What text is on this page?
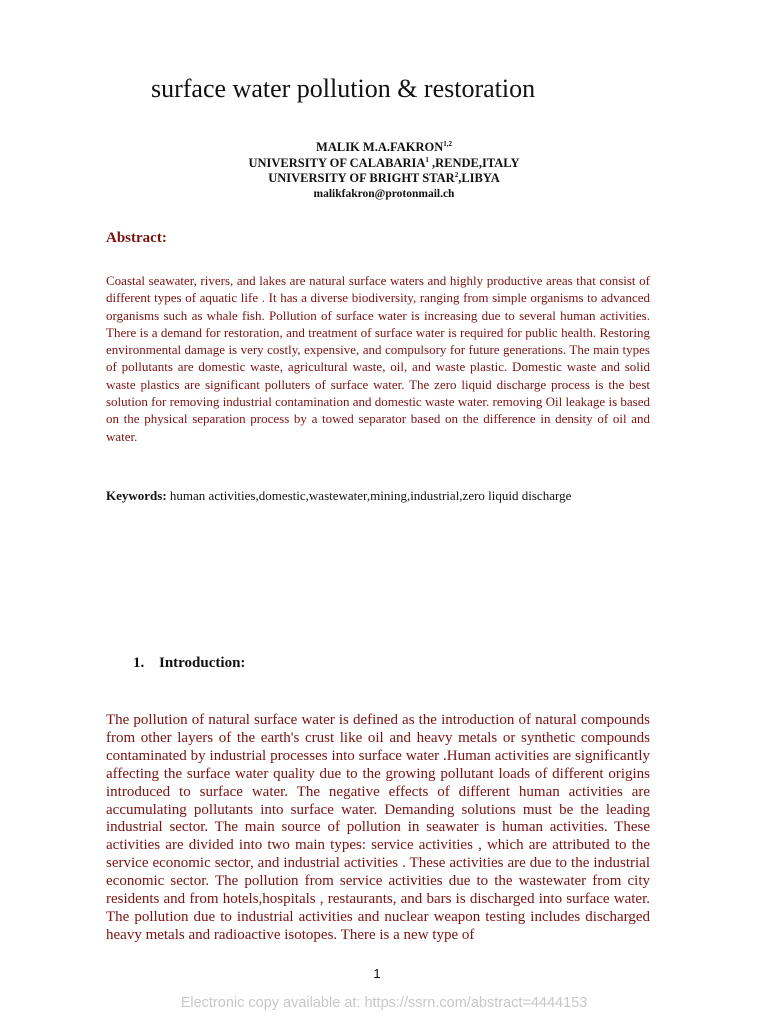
surface water pollution & restoration
MALIK M.A.FAKRON$^{1,2}$
UNIVERSITY OF CALABARIA$^1$ ,RENDE,ITALY
UNIVERSITY OF BRIGHT STAR$^2$,LIBYA
malikfakron@protonmail.ch
Abstract:
Coastal seawater, rivers, and lakes are natural surface waters and highly productive areas that consist of different types of aquatic life . It has a diverse biodiversity, ranging from simple organisms to advanced organisms such as whale fish. Pollution of surface water is increasing due to several human activities. There is a demand for restoration, and treatment of surface water is required for public health. Restoring environmental damage is very costly, expensive, and compulsory for future generations. The main types of pollutants are domestic waste, agricultural waste, oil, and waste plastic. Domestic waste and solid waste plastics are significant polluters of surface water. The zero liquid discharge process is the best solution for removing industrial contamination and domestic waste water. removing Oil leakage is based on the physical separation process by a towed separator based on the difference in density of oil and water.
Keywords: human activities,domestic,wastewater,mining,industrial,zero liquid discharge
1. Introduction:
The pollution of natural surface water is defined as the introduction of natural compounds from other layers of the earth's crust like oil and heavy metals or synthetic compounds contaminated by industrial processes into surface water .Human activities are significantly affecting the surface water quality due to the growing pollutant loads of different origins introduced to surface water. The negative effects of different human activities are accumulating pollutants into surface water. Demanding solutions must be the leading industrial sector. The main source of pollution in seawater is human activities. These activities are divided into two main types: service activities , which are attributed to the service economic sector, and industrial activities . These activities are due to the industrial economic sector. The pollution from service activities due to the wastewater from city residents and from hotels,hospitals , restaurants, and bars is discharged into surface water. The pollution due to industrial activities and nuclear weapon testing includes discharged heavy metals and radioactive isotopes. There is a new type of
1
Electronic copy available at: https://ssrn.com/abstract=4444153
